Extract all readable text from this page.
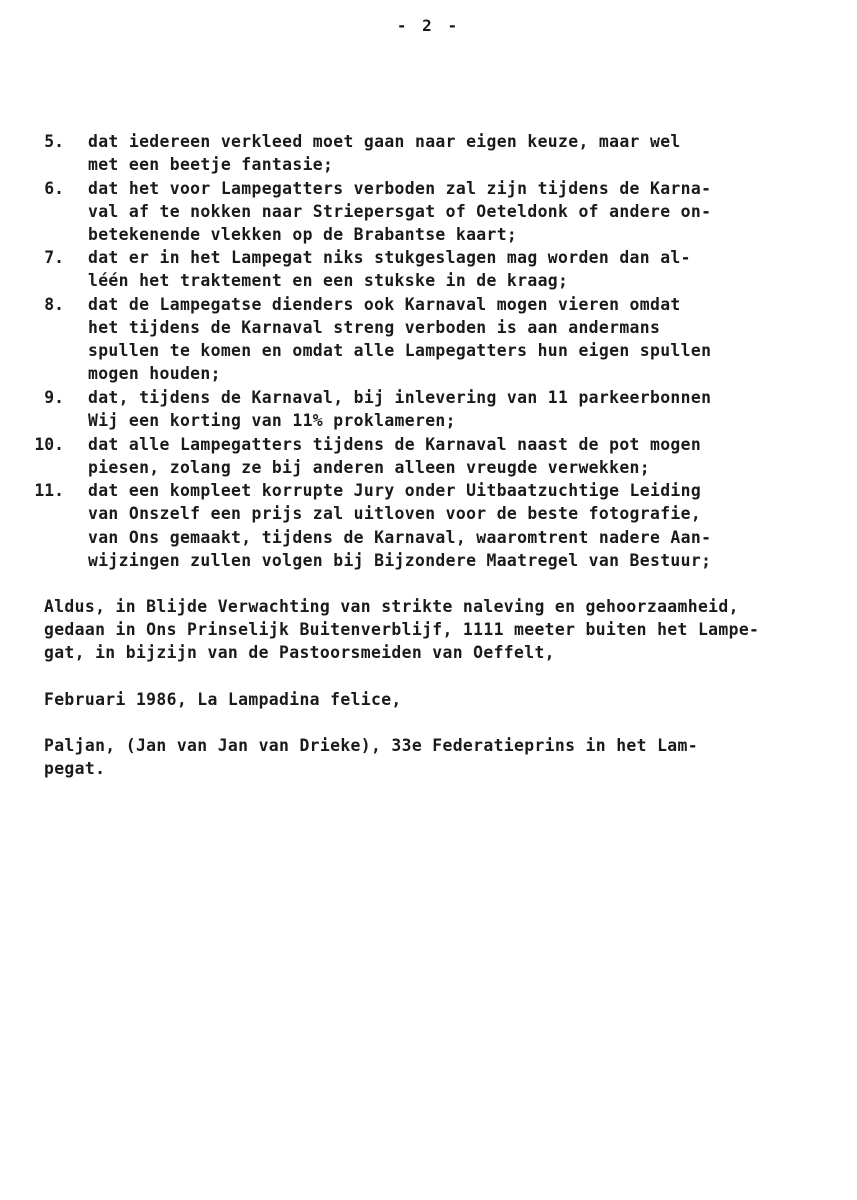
- 2 -
5. dat iedereen verkleed moet gaan naar eigen keuze, maar wel
met een beetje fantasie;
6. dat het voor Lampegatters verboden zal zijn tijdens de Karna-
val af te nokken naar Striepersgat of Oeteldonk of andere on-
betekenende vlekken op de Brabantse kaart;
7. dat er in het Lampegat niks stukgeslagen mag worden dan al-
léén het traktement en een stukske in de kraag;
8. dat de Lampegatse dienders ook Karnaval mogen vieren omdat
het tijdens de Karnaval streng verboden is aan andermans
spullen te komen en omdat alle Lampegatters hun eigen spullen
mogen houden;
9. dat, tijdens de Karnaval, bij inlevering van 11 parkeerbonnen
Wij een korting van 11% proklameren;
10. dat alle Lampegatters tijdens de Karnaval naast de pot mogen
piesen, zolang ze bij anderen alleen vreugde verwekken;
11. dat een kompleet korrupte Jury onder Uitbaatzuchtige Leiding
van Onszelf een prijs zal uitloven voor de beste fotografie,
van Ons gemaakt, tijdens de Karnaval, waaromtrent nadere Aan-
wijzingen zullen volgen bij Bijzondere Maatregel van Bestuur;
Aldus, in Blijde Verwachting van strikte naleving en gehoorzaamheid,
gedaan in Ons Prinselijk Buitenverblijf, 1111 meeter buiten het Lampe-
gat, in bijzijn van de Pastoorsmeiden van Oeffelt,
Februari 1986, La Lampadina felice,
Paljan, (Jan van Jan van Drieke), 33e Federatieprins in het Lam-
pegat.
